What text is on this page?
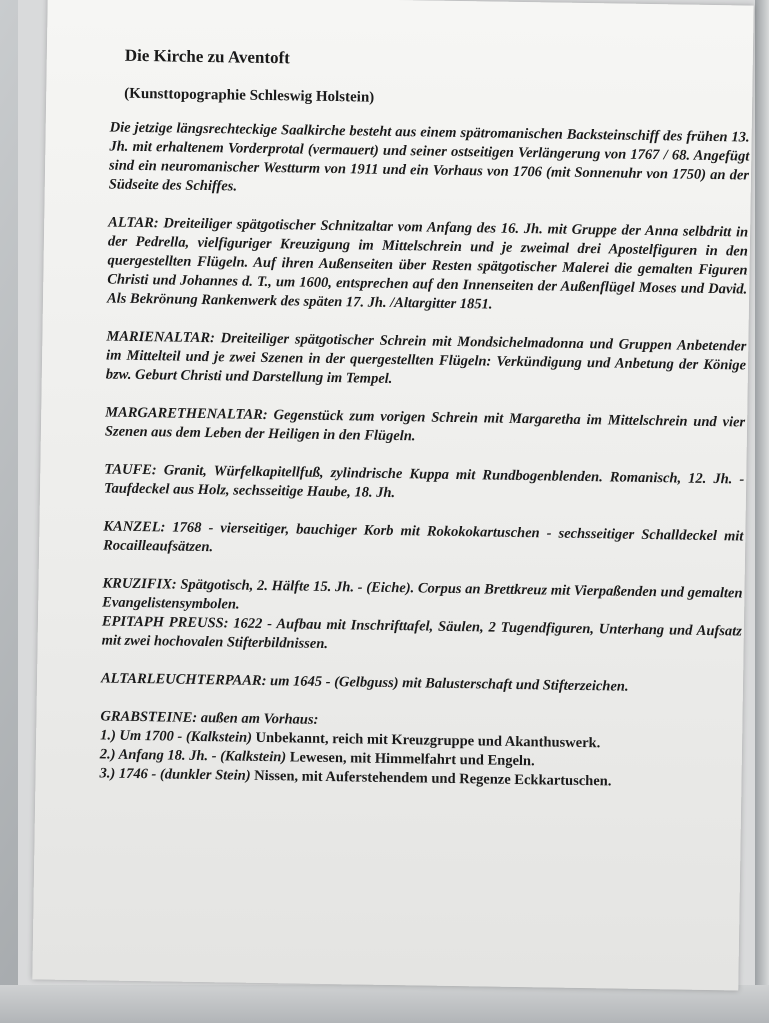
Die Kirche zu Aventoft
(Kunsttopographie Schleswig Holstein)
Die jetzige längsrechteckige Saalkirche besteht aus einem spätromanischen Backsteinschiff des frühen 13. Jh. mit erhaltenem Vorderprotal (vermauert) und seiner ostseitigen Verlängerung von 1767 / 68. Angefügt sind ein neuromanischer Westturm von 1911 und ein Vorhaus von 1706 (mit Sonnenuhr von 1750) an der Südseite des Schiffes.
ALTAR: Dreiteiliger spätgotischer Schnitzaltar vom Anfang des 16. Jh. mit Gruppe der Anna selbdritt in der Pedrella, vielfiguriger Kreuzigung im Mittelschrein und je zweimal drei Apostelfiguren in den quergestellten Flügeln. Auf ihren Außenseiten über Resten spätgotischer Malerei die gemalten Figuren Christi und Johannes d. T., um 1600, entsprechen auf den Innenseiten der Außenflügel Moses und David. Als Bekrönung Rankenwerk des späten 17. Jh. /Altargitter 1851.
MARIENALTAR: Dreiteiliger spätgotischer Schrein mit Mondsichelmadonna und Gruppen Anbetender im Mittelteil und je zwei Szenen in der quergestellten Flügeln: Verkündigung und Anbetung der Könige bzw. Geburt Christi und Darstellung im Tempel.
MARGARETHENALTAR: Gegenstück zum vorigen Schrein mit Margaretha im Mittelschrein und vier Szenen aus dem Leben der Heiligen in den Flügeln.
TAUFE: Granit, Würfelkapitellfuß, zylindrische Kuppa mit Rundbogenblenden. Romanisch, 12. Jh. - Taufdeckel aus Holz, sechsseitige Haube, 18. Jh.
KANZEL: 1768 - vierseitiger, bauchiger Korb mit Rokokokartuschen - sechsseitiger Schalldeckel mit Rocailleaufsätzen.

KRUZIFIX: Spätgotisch, 2. Hälfte 15. Jh. - (Eiche). Corpus an Brettkreuz mit Vierpaßenden und gemalten Evangelistensymbolen.

EPITAPH PREUSS: 1622 - Aufbau mit Inschrifttafel, Säulen, 2 Tugendfiguren, Unterhang und Aufsatz mit zwei hochovalen Stifterbildnissen.

ALTARLEUCHTERPAAR: um 1645 - (Gelbguss) mit Balusterschaft und Stifterzeichen.
GRABSTEINE: außen am Vorhaus:
1.) Um 1700 - (Kalkstein) Unbekannt, reich mit Kreuzgruppe und Akanthuswerk.
2.) Anfang 18. Jh. - (Kalkstein) Lewesen, mit Himmelfahrt und Engeln.
3.) 1746 - (dunkler Stein) Nissen, mit Auferstehendem und Regenze Eckkartuschen.
